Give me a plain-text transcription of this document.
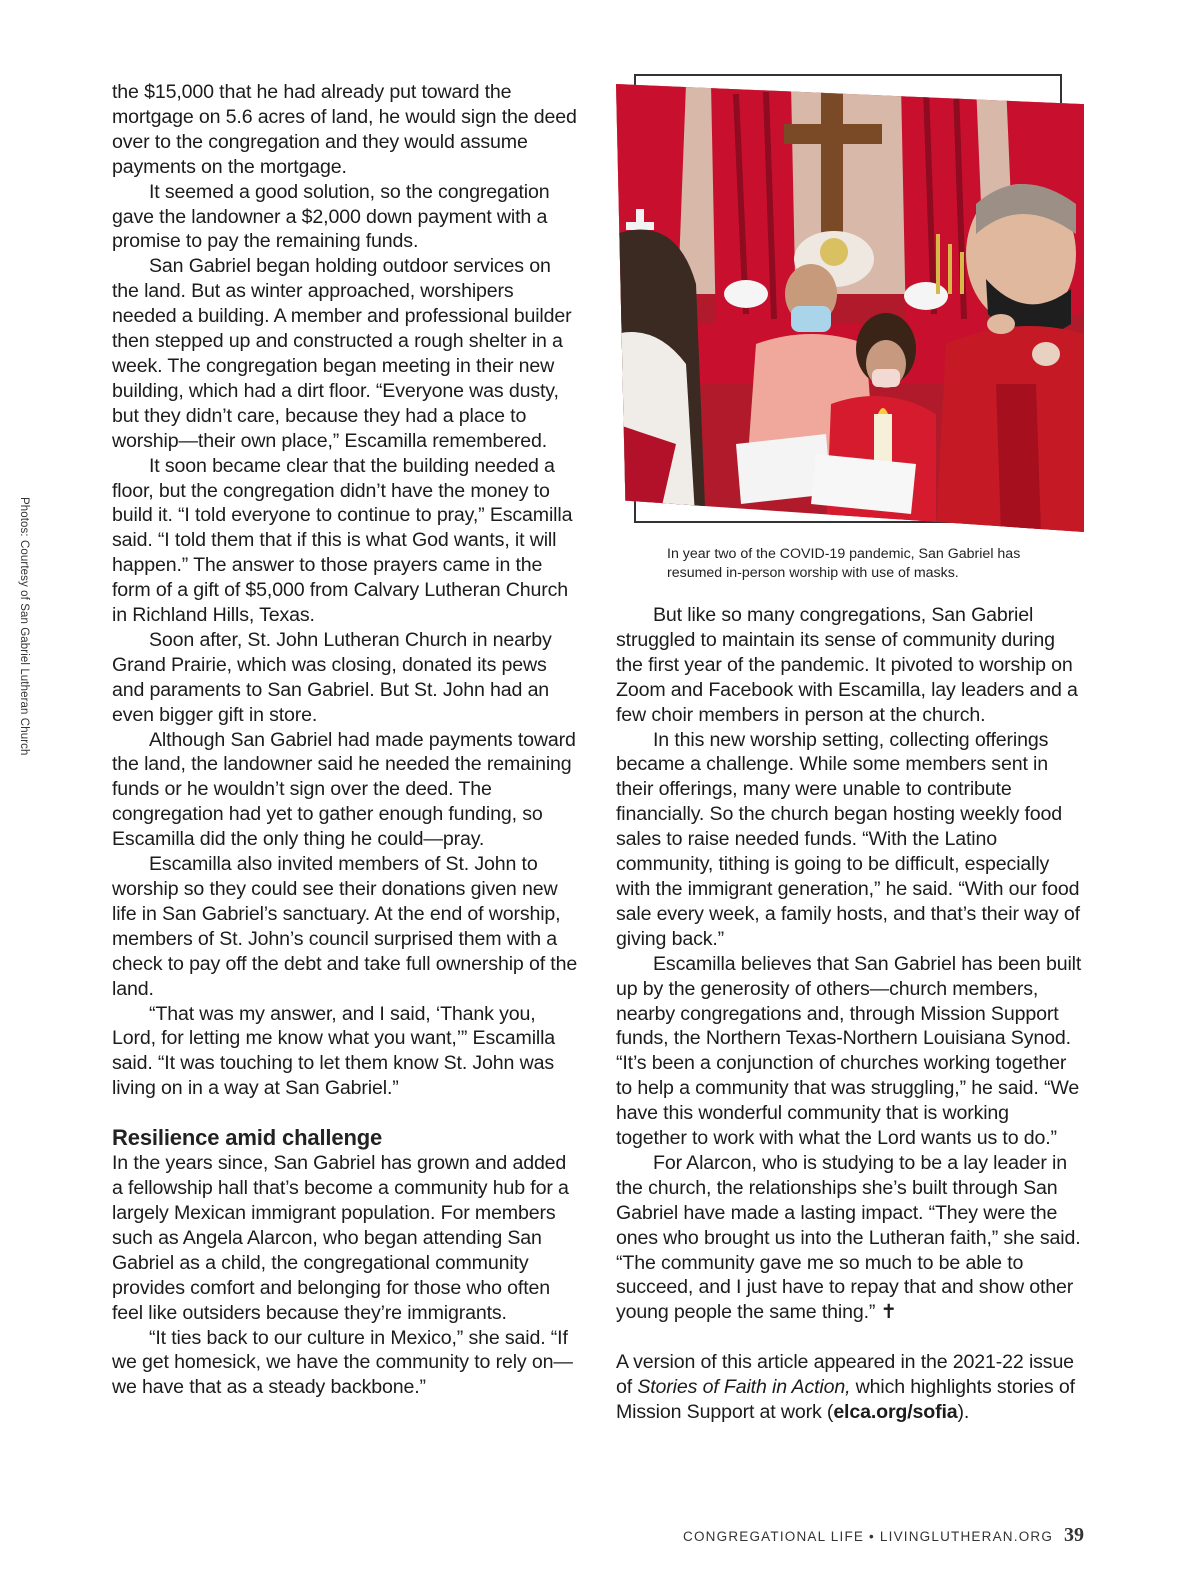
Photos: Courtesy of San Gabriel Lutheran Church

the $15,000 that he had already put toward the mortgage on 5.6 acres of land, he would sign the deed over to the congregation and they would assume payments on the mortgage.

It seemed a good solution, so the congregation gave the landowner a $2,000 down payment with a promise to pay the remaining funds.

San Gabriel began holding outdoor services on the land. But as winter approached, worshipers needed a building. A member and professional builder then stepped up and constructed a rough shelter in a week. The congregation began meeting in their new building, which had a dirt floor. “Everyone was dusty, but they didn’t care, because they had a place to worship—their own place,” Escamilla remembered.

It soon became clear that the building needed a floor, but the congregation didn’t have the money to build it. “I told everyone to continue to pray,” Escamilla said. “I told them that if this is what God wants, it will happen.” The answer to those prayers came in the form of a gift of $5,000 from Calvary Lutheran Church in Richland Hills, Texas.

Soon after, St. John Lutheran Church in nearby Grand Prairie, which was closing, donated its pews and paraments to San Gabriel. But St. John had an even bigger gift in store.

Although San Gabriel had made payments toward the land, the landowner said he needed the remaining funds or he wouldn’t sign over the deed. The congregation had yet to gather enough funding, so Escamilla did the only thing he could—pray.

Escamilla also invited members of St. John to worship so they could see their donations given new life in San Gabriel’s sanctuary. At the end of worship, members of St. John’s council surprised them with a check to pay off the debt and take full ownership of the land.

“That was my answer, and I said, ‘Thank you, Lord, for letting me know what you want,’” Escamilla said. “It was touching to let them know St. John was living on in a way at San Gabriel.”

Resilience amid challenge

In the years since, San Gabriel has grown and added a fellowship hall that’s become a community hub for a largely Mexican immigrant population. For members such as Angela Alarcon, who began attending San Gabriel as a child, the congregational community provides comfort and belonging for those who often feel like outsiders because they’re immigrants.

“It ties back to our culture in Mexico,” she said. “If we get homesick, we have the community to rely on—we have that as a steady backbone.”

In year two of the COVID-19 pandemic, San Gabriel has resumed in-person worship with use of masks.

But like so many congregations, San Gabriel struggled to maintain its sense of community during the first year of the pandemic. It pivoted to worship on Zoom and Facebook with Escamilla, lay leaders and a few choir members in person at the church.

In this new worship setting, collecting offerings became a challenge. While some members sent in their offerings, many were unable to contribute financially. So the church began hosting weekly food sales to raise needed funds. “With the Latino community, tithing is going to be difficult, especially with the immigrant generation,” he said. “With our food sale every week, a family hosts, and that’s their way of giving back.”

Escamilla believes that San Gabriel has been built up by the generosity of others—church members, nearby congregations and, through Mission Support funds, the Northern Texas-Northern Louisiana Synod. “It’s been a conjunction of churches working together to help a community that was struggling,” he said. “We have this wonderful community that is working together to work with what the Lord wants us to do.”

For Alarcon, who is studying to be a lay leader in the church, the relationships she’s built through San Gabriel have made a lasting impact. “They were the ones who brought us into the Lutheran faith,” she said. “The community gave me so much to be able to succeed, and I just have to repay that and show other young people the same thing.” ✝

A version of this article appeared in the 2021-22 issue of Stories of Faith in Action, which highlights stories of Mission Support at work (elca.org/sofia).

CONGREGATIONAL LIFE • LIVINGLUTHERAN.ORG 39
